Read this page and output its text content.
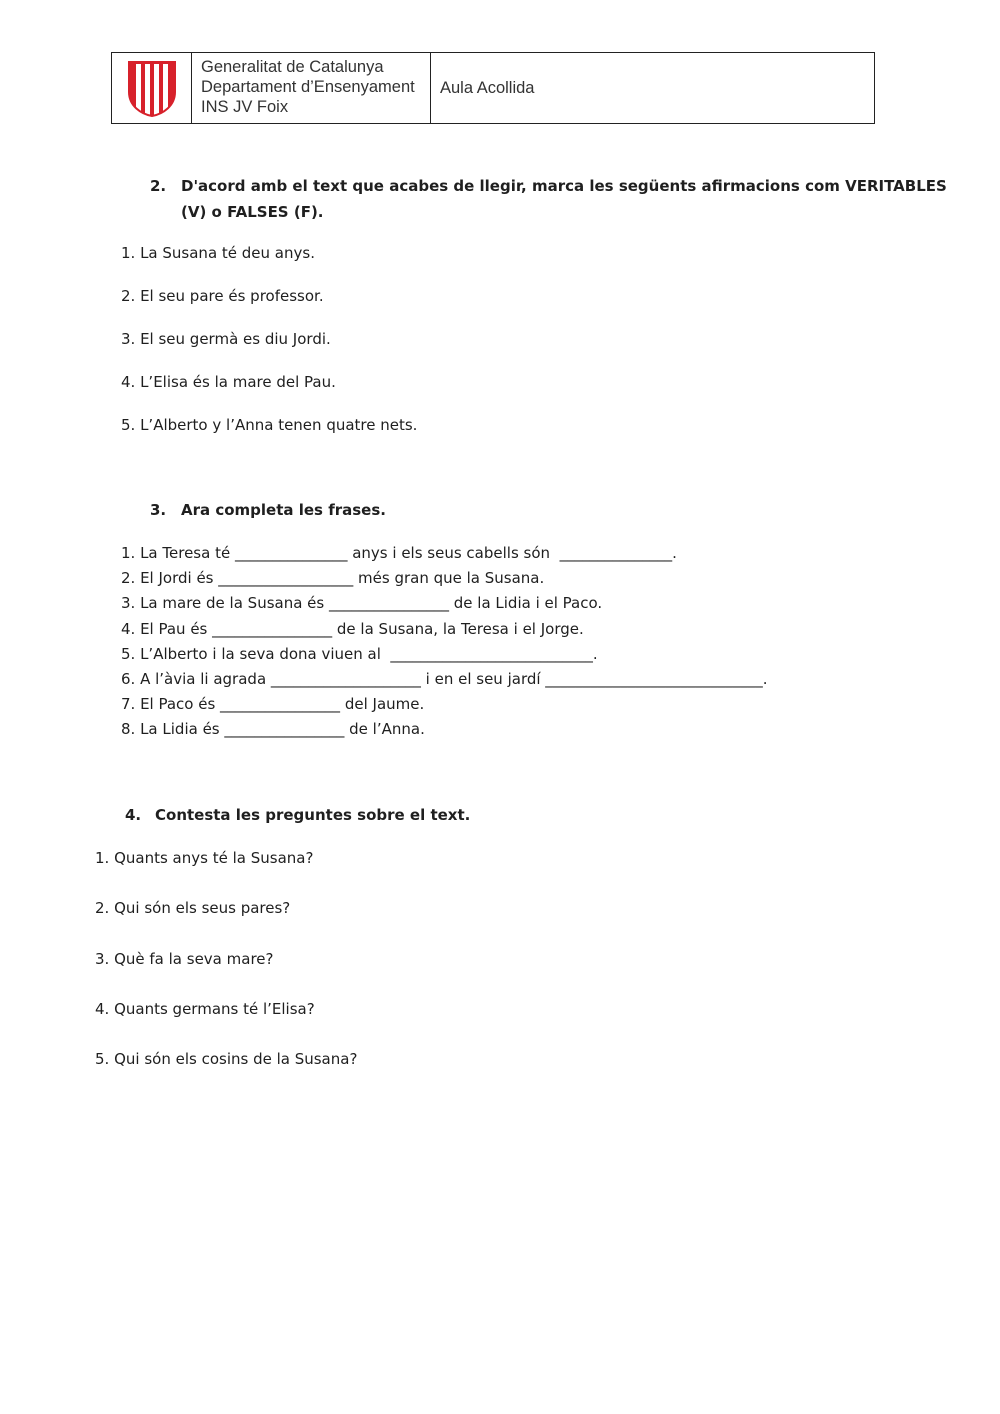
Generalitat de Catalunya
Departament d’Ensenyament
INS JV Foix
Aula Acollida
2. D'acord amb el text que acabes de llegir, marca les següents afirmacions com VERITABLES
(V) o FALSES (F).
1. La Susana té deu anys.
2. El seu pare és professor.
3. El seu germà es diu Jordi.
4. L’Elisa és la mare del Pau.
5. L’Alberto y l’Anna tenen quatre nets.
3. Ara completa les frases.
1. La Teresa té _______________ anys i els seus cabells són  _______________.
2. El Jordi és __________________ més gran que la Susana.
3. La mare de la Susana és ________________ de la Lidia i el Paco.
4. El Pau és ________________ de la Susana, la Teresa i el Jorge.
5. L’Alberto i la seva dona viuen al  ___________________________.
6. A l’àvia li agrada ____________________ i en el seu jardí _____________________________.
7. El Paco és ________________ del Jaume.
8. La Lidia és ________________ de l’Anna.
4. Contesta les preguntes sobre el text.
1. Quants anys té la Susana?
2. Qui són els seus pares?
3. Què fa la seva mare?
4. Quants germans té l’Elisa?
5. Qui són els cosins de la Susana?
